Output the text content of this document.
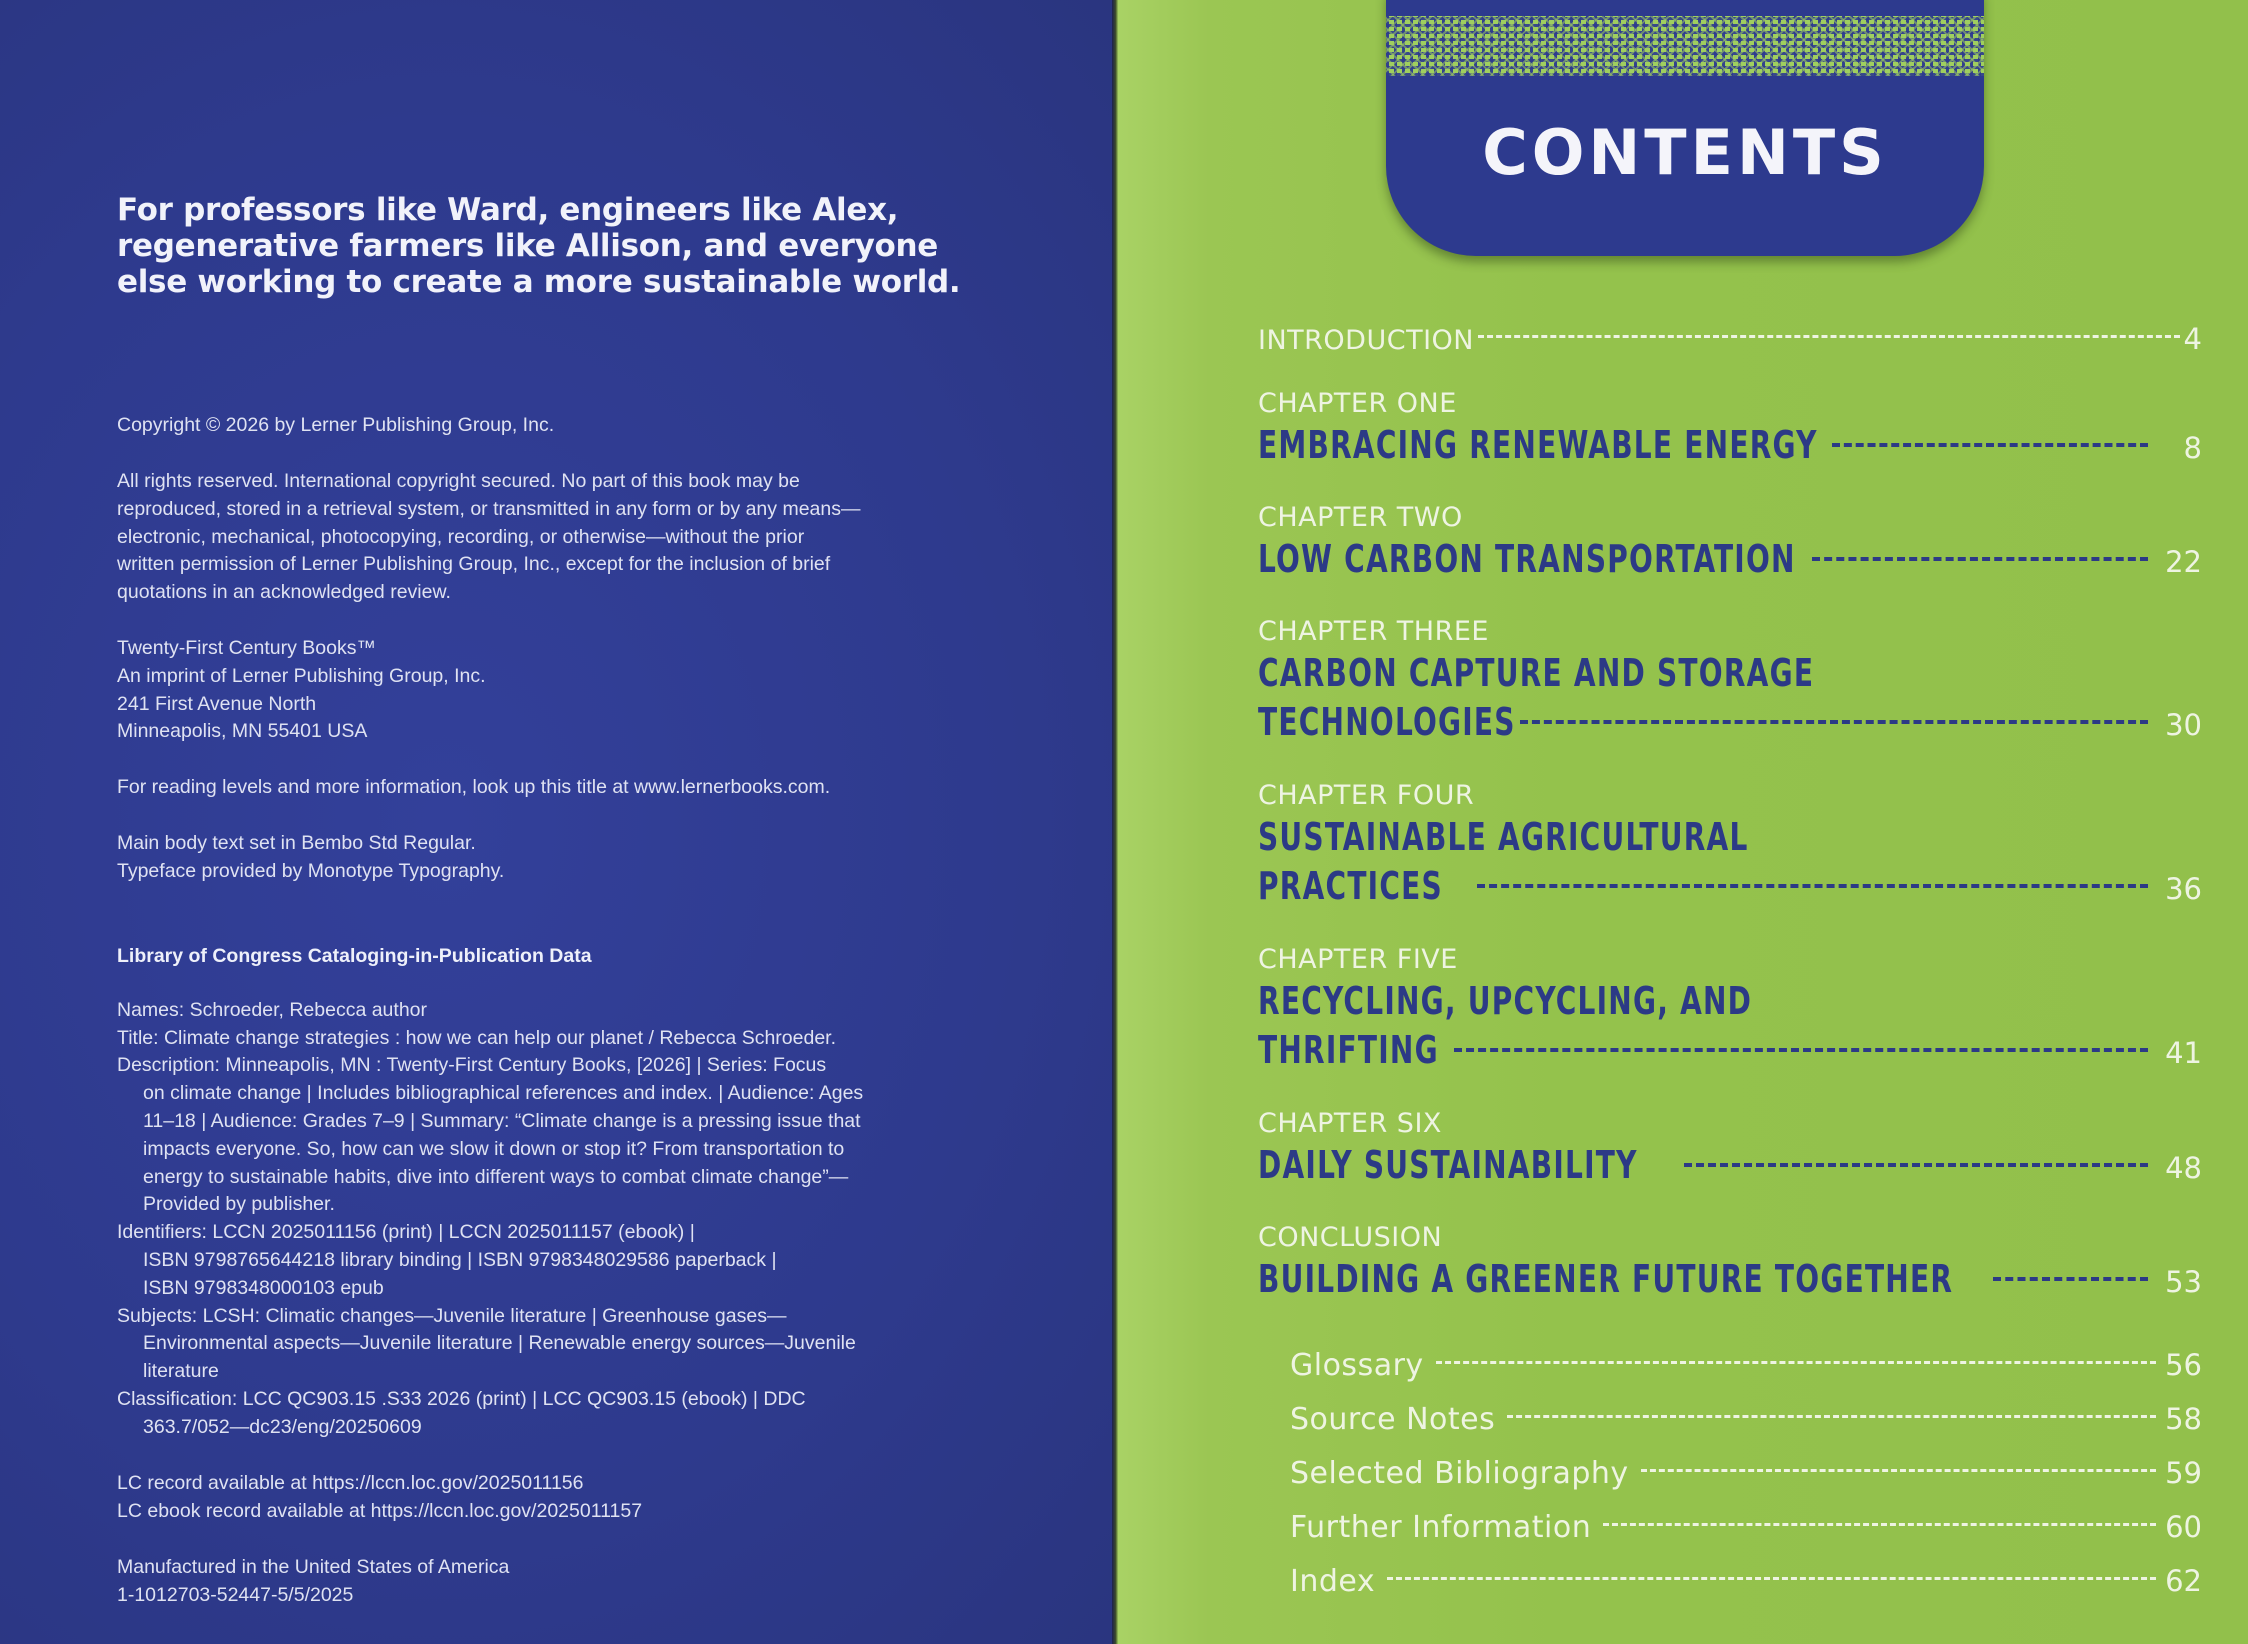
For professors like Ward, engineers like Alex, regenerative farmers like Allison, and everyone else working to create a more sustainable world.
Copyright © 2026 by Lerner Publishing Group, Inc.
All rights reserved. International copyright secured. No part of this book may be
reproduced, stored in a retrieval system, or transmitted in any form or by any means—
electronic, mechanical, photocopying, recording, or otherwise—without the prior
written permission of Lerner Publishing Group, Inc., except for the inclusion of brief
quotations in an acknowledged review.
Twenty-First Century Books™
An imprint of Lerner Publishing Group, Inc.
241 First Avenue North
Minneapolis, MN 55401 USA
For reading levels and more information, look up this title at www.lernerbooks.com.
Main body text set in Bembo Std Regular.
Typeface provided by Monotype Typography.
Library of Congress Cataloging-in-Publication Data
Names: Schroeder, Rebecca author
Title: Climate change strategies : how we can help our planet / Rebecca Schroeder.
Description: Minneapolis, MN : Twenty-First Century Books, [2026] | Series: Focus
on climate change | Includes bibliographical references and index. | Audience: Ages
11–18 | Audience: Grades 7–9 | Summary: “Climate change is a pressing issue that
impacts everyone. So, how can we slow it down or stop it? From transportation to
energy to sustainable habits, dive into different ways to combat climate change”—
Provided by publisher.
Identifiers: LCCN 2025011156 (print) | LCCN 2025011157 (ebook) |
ISBN 9798765644218 library binding | ISBN 9798348029586 paperback |
ISBN 9798348000103 epub
Subjects: LCSH: Climatic changes—Juvenile literature | Greenhouse gases—
Environmental aspects—Juvenile literature | Renewable energy sources—Juvenile
literature
Classification: LCC QC903.15 .S33 2026 (print) | LCC QC903.15 (ebook) | DDC
363.7/052—dc23/eng/20250609
LC record available at https://lccn.loc.gov/2025011156
LC ebook record available at https://lccn.loc.gov/2025011157
Manufactured in the United States of America
1-1012703-52447-5/5/2025
CONTENTS
INTRODUCTION	4
CHAPTER ONE
EMBRACING RENEWABLE ENERGY	8
CHAPTER TWO
LOW CARBON TRANSPORTATION	22
CHAPTER THREE
CARBON CAPTURE AND STORAGE
TECHNOLOGIES	30
CHAPTER FOUR
SUSTAINABLE AGRICULTURAL
PRACTICES	36
CHAPTER FIVE
RECYCLING, UPCYCLING, AND
THRIFTING	41
CHAPTER SIX
DAILY SUSTAINABILITY	48
CONCLUSION
BUILDING A GREENER FUTURE TOGETHER	53
Glossary	56
Source Notes	58
Selected Bibliography	59
Further Information	60
Index	62
